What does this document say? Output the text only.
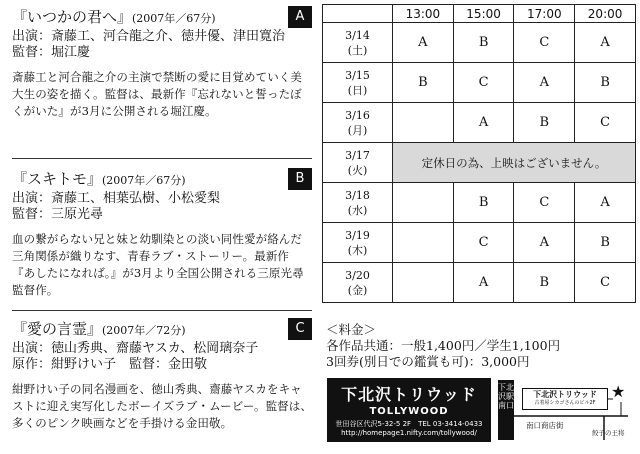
『いつかの君へ』(2007年／67分)	A
出演：斎藤工、河合龍之介、徳井優、津田寛治
監督：堀江慶
斎藤工と河合龍之介の主演で禁断の愛に目覚めていく美大生の姿を描く。監督は、最新作『忘れないと誓ったぼくがいた』が3月に公開される堀江慶。
『スキトモ』(2007年／67分)	B
出演：斎藤工、相葉弘樹、小松愛梨
監督：三原光尋
血の繋がらない兄と妹と幼馴染との淡い同性愛が絡んだ三角関係が織りなす、青春ラブ・ストーリー。最新作『あしたになれば。』が3月より全国公開される三原光尋監督作。
『愛の言霊』(2007年／72分)	C
出演：徳山秀典、齋藤ヤスカ、松岡璃奈子
原作：紺野けい子　監督：金田敬
紺野けい子の同名漫画を、徳山秀典、齋藤ヤスカをキャストに迎え実写化したボーイズラブ・ムービー。監督は、多くのピンク映画などを手掛ける金田敬。
	13:00	15:00	17:00	20:00

3/14
(土)	A	B	C	A

3/15
(日)	B	C	A	B

3/16
(月)		A	B	C

3/17
(火)	定休日の為、上映はございません。			

3/18
(水)		B	C	A

3/19
(木)		C	A	B

3/20
(金)		A	B	C
＜料金＞
各作品共通：一般1,400円／学生1,100円
3回券(別日での鑑賞も可)：3,000円
下北沢トリウッド
TOLLYWOOD
世田谷区代沢5-32-5 2F　TEL 03-3414-0433
http://homepage1.nifty.com/tollywood/
下北沢駅南口
下北沢トリウッド
古着屋シカゴさんのビル2F
★
南口商店街
餃子の王将
